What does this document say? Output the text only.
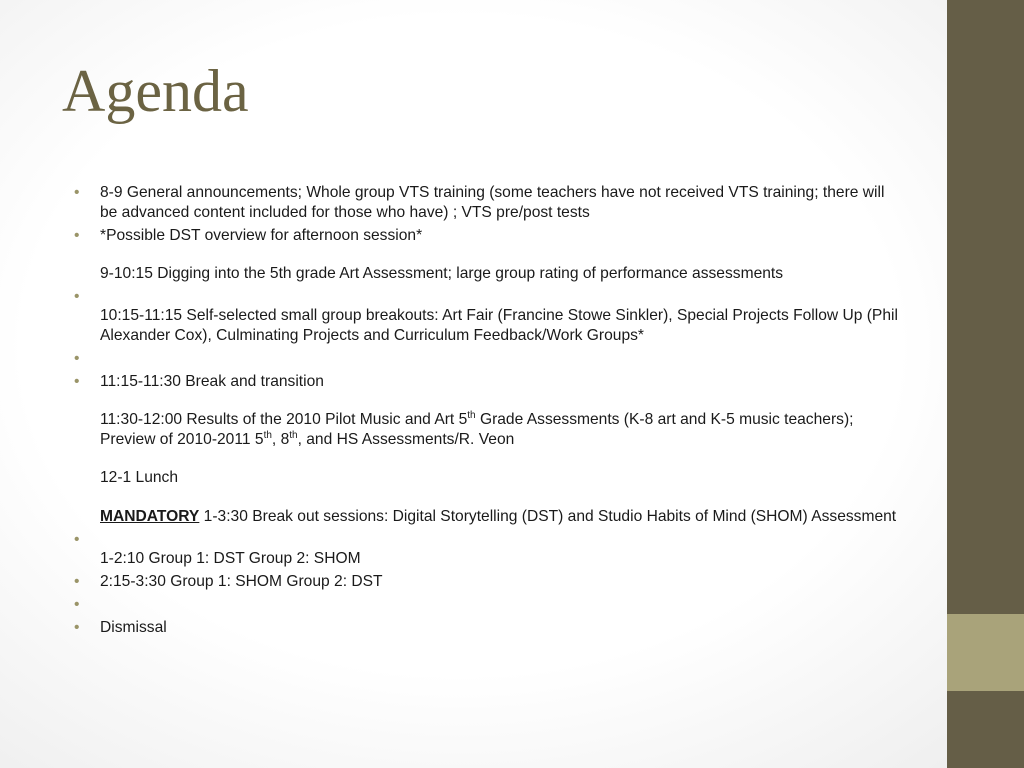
Agenda
• 8-9 General announcements; Whole group VTS training (some teachers have not received VTS training; there will be advanced content included for those who have) ; VTS pre/post tests
• *Possible DST overview for afternoon session*
9-10:15 Digging into the 5th grade Art Assessment; large group rating of performance assessments
• 10:15-11:15 Self-selected small group breakouts: Art Fair (Francine Stowe Sinkler), Special Projects Follow Up (Phil Alexander Cox), Culminating Projects and Curriculum Feedback/Work Groups*
•
• 11:15-11:30 Break and transition
11:30-12:00 Results of the 2010 Pilot Music and Art 5th Grade Assessments (K-8 art and K-5 music teachers); Preview of 2010-2011 5th, 8th, and HS Assessments/R. Veon
12-1 Lunch
MANDATORY 1-3:30 Break out sessions: Digital Storytelling (DST) and Studio Habits of Mind (SHOM) Assessment
• 1-2:10 Group 1: DST Group 2: SHOM
• 2:15-3:30 Group 1: SHOM Group 2: DST
•
• Dismissal
